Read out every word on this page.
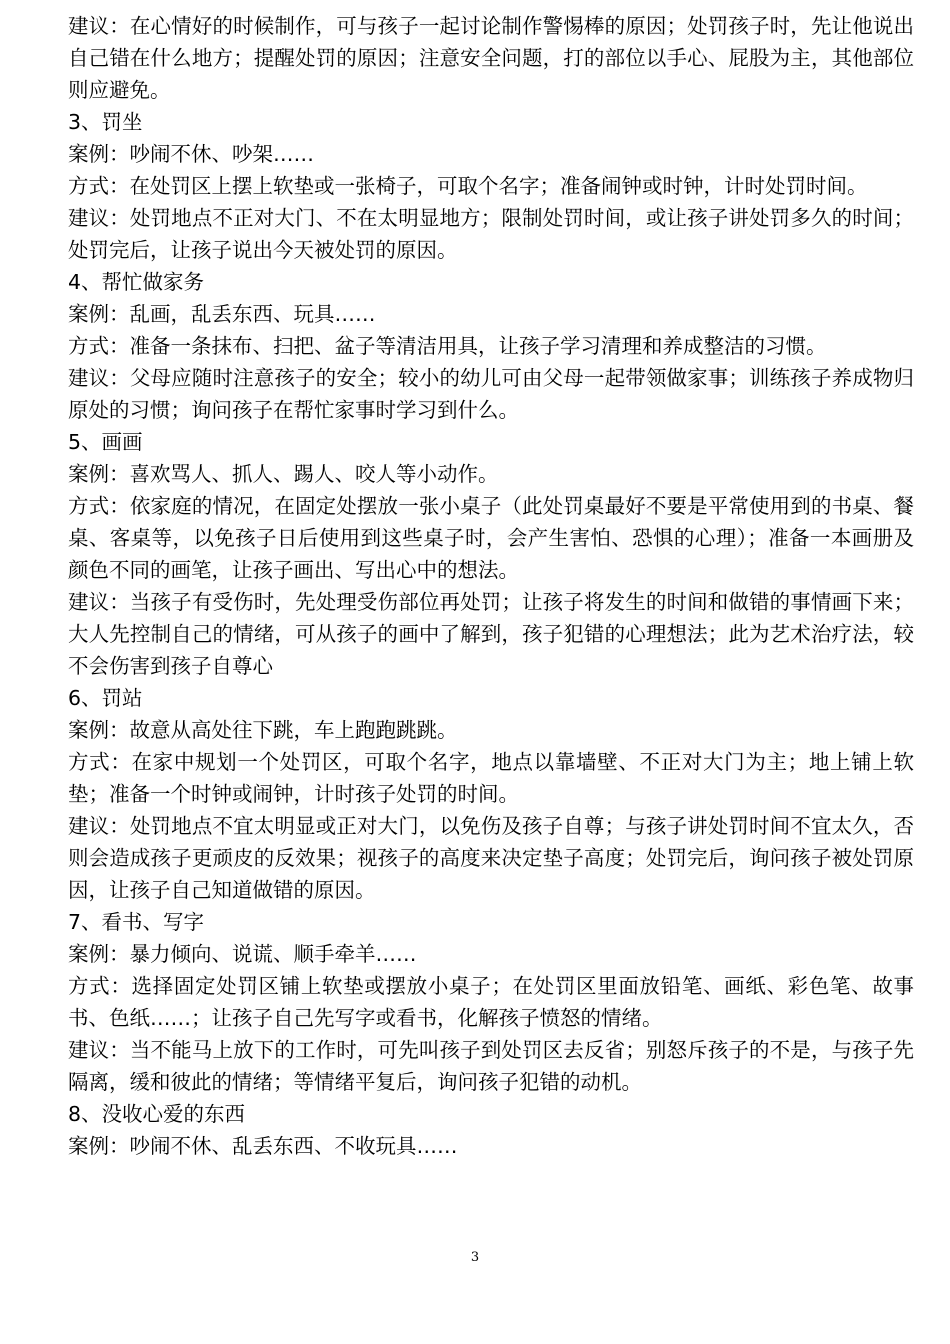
建议：在心情好的时候制作，可与孩子一起讨论制作警惕棒的原因；处罚孩子时，先让他说出自己错在什么地方；提醒处罚的原因；注意安全问题，打的部位以手心、屁股为主，其他部位则应避免。

3、罚坐

案例：吵闹不休、吵架……

方式：在处罚区上摆上软垫或一张椅子，可取个名字；准备闹钟或时钟，计时处罚时间。

建议：处罚地点不正对大门、不在太明显地方；限制处罚时间，或让孩子讲处罚多久的时间；处罚完后，让孩子说出今天被处罚的原因。

4、帮忙做家务

案例：乱画，乱丢东西、玩具……

方式：准备一条抹布、扫把、盆子等清洁用具，让孩子学习清理和养成整洁的习惯。

建议：父母应随时注意孩子的安全；较小的幼儿可由父母一起带领做家事；训练孩子养成物归原处的习惯；询问孩子在帮忙家事时学习到什么。

5、画画

案例：喜欢骂人、抓人、踢人、咬人等小动作。

方式：依家庭的情况，在固定处摆放一张小桌子（此处罚桌最好不要是平常使用到的书桌、餐桌、客桌等，以免孩子日后使用到这些桌子时，会产生害怕、恐惧的心理）；准备一本画册及颜色不同的画笔，让孩子画出、写出心中的想法。

建议：当孩子有受伤时，先处理受伤部位再处罚；让孩子将发生的时间和做错的事情画下来；大人先控制自己的情绪，可从孩子的画中了解到，孩子犯错的心理想法；此为艺术治疗法，较不会伤害到孩子自尊心

6、罚站

案例：故意从高处往下跳，车上跑跑跳跳。

方式：在家中规划一个处罚区，可取个名字，地点以靠墙壁、不正对大门为主；地上铺上软垫；准备一个时钟或闹钟，计时孩子处罚的时间。

建议：处罚地点不宜太明显或正对大门，以免伤及孩子自尊；与孩子讲处罚时间不宜太久，否则会造成孩子更顽皮的反效果；视孩子的高度来决定垫子高度；处罚完后，询问孩子被处罚原因，让孩子自己知道做错的原因。

7、看书、写字

案例：暴力倾向、说谎、顺手牵羊……

方式：选择固定处罚区铺上软垫或摆放小桌子；在处罚区里面放铅笔、画纸、彩色笔、故事书、色纸……；让孩子自己先写字或看书，化解孩子愤怒的情绪。

建议：当不能马上放下的工作时，可先叫孩子到处罚区去反省；别怒斥孩子的不是，与孩子先隔离，缓和彼此的情绪；等情绪平复后，询问孩子犯错的动机。

8、没收心爱的东西

案例：吵闹不休、乱丢东西、不收玩具……

3
